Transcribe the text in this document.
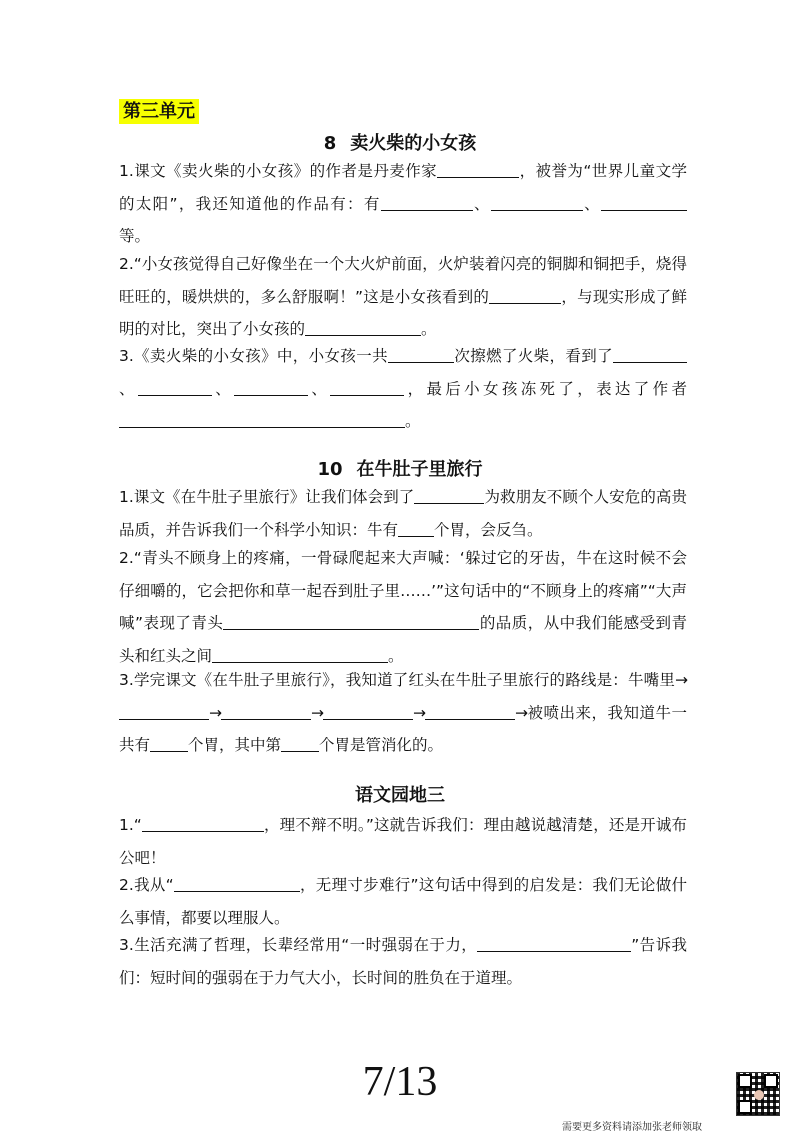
第三单元
8 卖火柴的小女孩
1.课文《卖火柴的小女孩》的作者是丹麦作家	，被誉为“世界儿童文学的太阳”，我还知道他的作品有：有	、	、等。
2.“小女孩觉得自己好像坐在一个大火炉前面，火炉装着闪亮的铜脚和铜把手，烧得旺旺的，暖烘烘的，多么舒服啊！”这是小女孩看到的	，与现实形成了鲜明的对比，突出了小女孩的	。
3.《卖火柴的小女孩》中，小女孩一共	次擦燃了火柴，看到了、	、	、	，最后小女孩冻死了，表达了作者。
10 在牛肚子里旅行
1.课文《在牛肚子里旅行》让我们体会到了	为救朋友不顾个人安危的高贵品质，并告诉我们一个科学小知识：牛有 个胃，会反刍。
2.“青头不顾身上的疼痛，一骨碌爬起来大声喊：‘躲过它的牙齿，牛在这时候不会仔细嚼的，它会把你和草一起吞到肚子里……’”这句话中的“不顾身上的疼痛”“大声喊”表现了青头	的品质，从中我们能感受到青头和红头之间	。
3.学完课文《在牛肚子里旅行》，我知道了红头在牛肚子里旅行的路线是：牛嘴里→→	→	→	→被喷出来，我知道牛一共有 个胃，其中第 个胃是管消化的。
语文园地三
1.“	，理不辩不明。”这就告诉我们：理由越说越清楚，还是开诚布公吧！
2.我从“	，无理寸步难行”这句话中得到的启发是：我们无论做什么事情，都要以理服人。
3.生活充满了哲理，长辈经常用“一时强弱在于力，	”告诉我们：短时间的强弱在于力气大小，长时间的胜负在于道理。
7/13
需要更多资料请添加张老师领取
